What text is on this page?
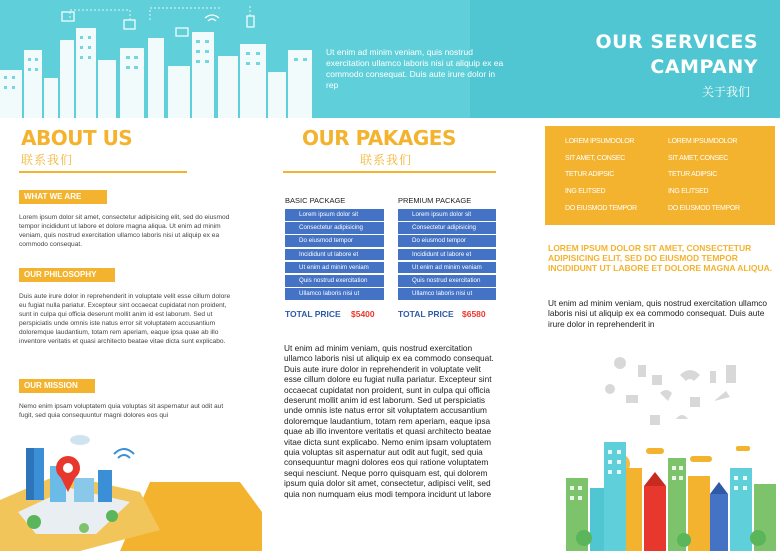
Ut enim ad minim veniam, quis nostrud exercitation ullamco laboris nisi ut aliquip ex ea commodo consequat. Duis aute irure dolor in rep
OUR SERVICES
CAMPANY
关于我们
ABOUT US
联系我们
WHAT WE ARE
Lorem ipsum dolor sit amet, consectetur adipisicing elit, sed do eiusmod tempor incididunt ut labore et dolore magna aliqua. Ut enim ad minim veniam, quis nostrud exercitation ullamco laboris nisi ut aliquip ex ea commodo consequat.
OUR PHILOSOPHY
Duis aute irure dolor in reprehenderit in voluptate velit esse cillum dolore eu fugiat nulla pariatur. Excepteur sint occaecat cupidatat non proident, sunt in culpa qui officia deserunt mollit anim id est laborum. Sed ut perspiciatis unde omnis iste natus error sit voluptatem accusantium doloremque laudantium, totam rem aperiam, eaque ipsa quae ab illo inventore veritatis et quasi architecto beatae vitae dicta sunt explicabo.
OUR MISSION
Nemo enim ipsam voluptatem quia voluptas sit aspernatur aut odit aut fugit, sed quia consequuntur magni dolores eos qui
OUR PAKAGES
联系我们
BASIC PACKAGE
Lorem ipsum dolor sit
Consectetur adipisicing
Do eiusmod tempor
Incididunt ut labore et
Ut enim ad minim veniam
Quis nostrud exercitation
Ullamco laboris nisi ut
TOTAL PRICE $5400
PREMIUM PACKAGE
Lorem ipsum dolor sit
Consectetur adipisicing
Do eiusmod tempor
Incididunt ut labore et
Ut enim ad minim veniam
Quis nostrud exercitation
Ullamco laboris nisi ut
TOTAL PRICE $6580
Ut enim ad minim veniam, quis nostrud exercitation ullamco laboris nisi ut aliquip ex ea commodo consequat. Duis aute irure dolor in reprehenderit in voluptate velit esse cillum dolore eu fugiat nulla pariatur. Excepteur sint occaecat cupidatat non proident, sunt in culpa qui officia deserunt mollit anim id est laborum. Sed ut perspiciatis unde omnis iste natus error sit voluptatem accusantium doloremque laudantium, totam rem aperiam, eaque ipsa quae ab illo inventore veritatis et quasi architecto beatae vitae dicta sunt explicabo. Nemo enim ipsam voluptatem quia voluptas sit aspernatur aut odit aut fugit, sed quia consequuntur magni dolores eos qui ratione voluptatem sequi nesciunt. Neque porro quisquam est, qui dolorem ipsum quia dolor sit amet, consectetur, adipisci velit, sed quia non numquam eius modi tempora incidunt ut labore
LOREM IPSUMDOLOR
SIT AMET, CONSEC
TETUR ADIPSIC
ING ELITSED
DO EIUSMOD TEMPOR
LOREM IPSUMDOLOR
SIT AMET, CONSEC
TETUR ADIPSIC
ING ELITSED
DO EIUSMOD TEMPOR
LOREM IPSUM DOLOR SIT AMET, CONSECTETUR ADIPISICING ELIT, SED DO EIUSMOD TEMPOR INCIDIDUNT UT LABORE ET DOLORE MAGNA ALIQUA.
Ut enim ad minim veniam, quis nostrud exercitation ullamco laboris nisi ut aliquip ex ea commodo consequat. Duis aute irure dolor in reprehenderit in
